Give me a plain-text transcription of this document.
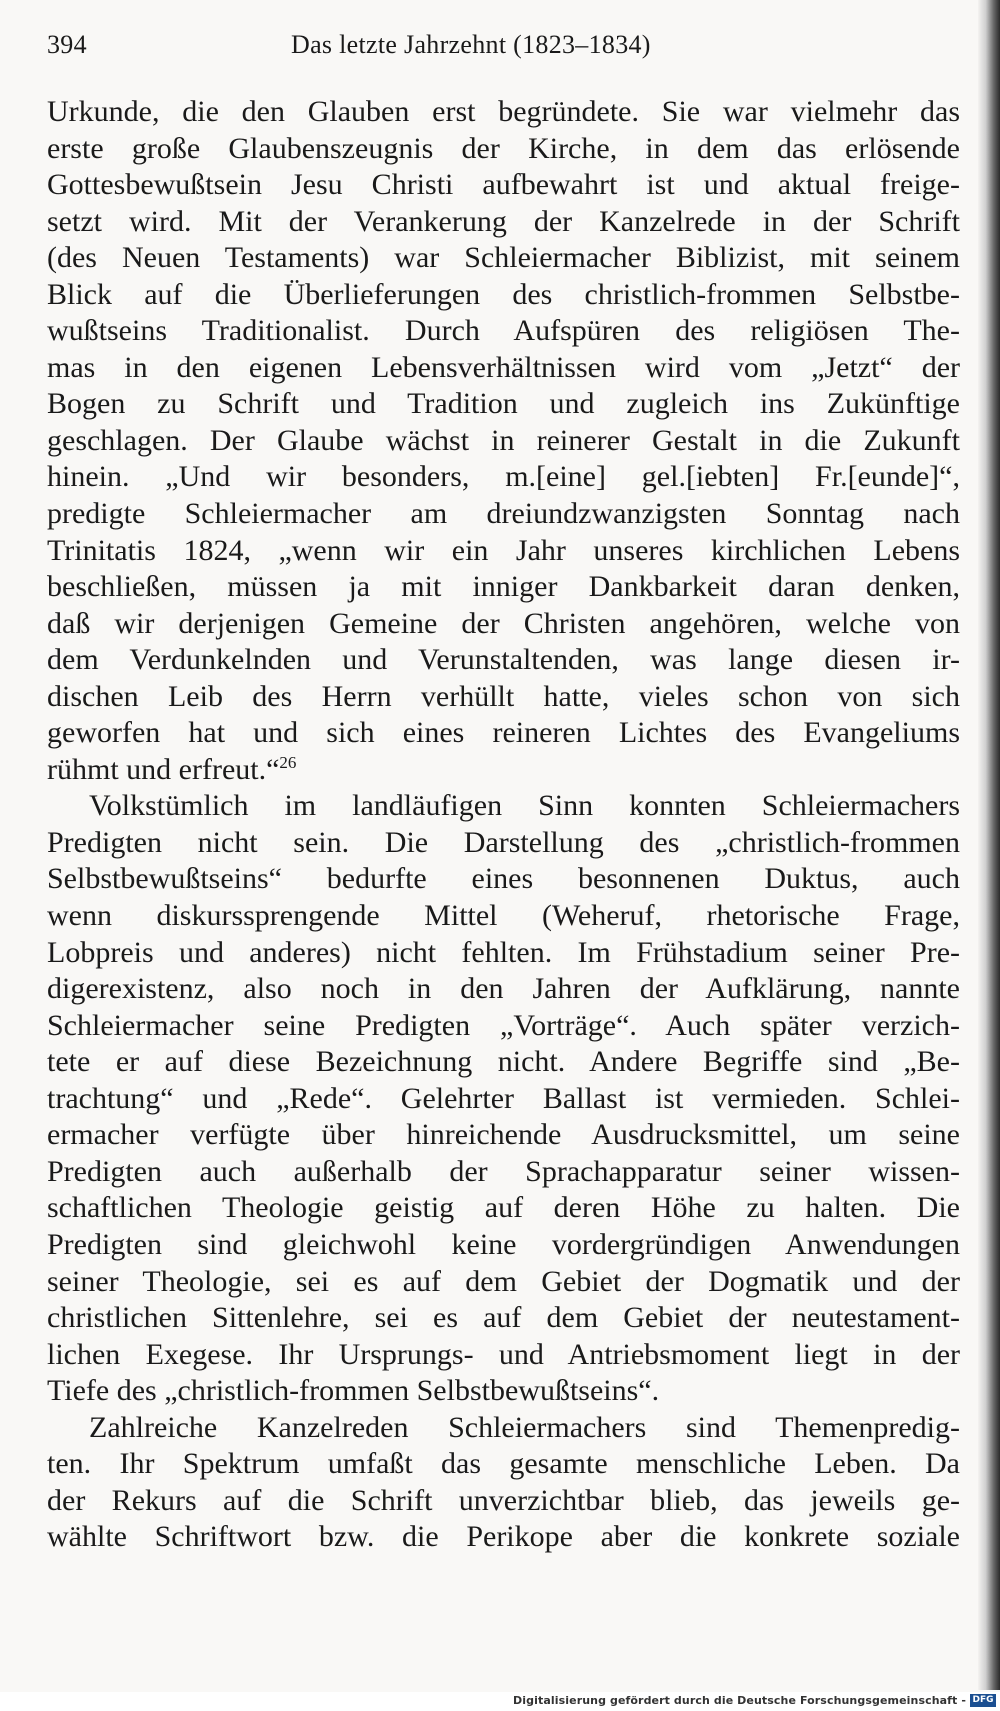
394	Das letzte Jahrzehnt (1823–1834)
Urkunde, die den Glauben erst begründete. Sie war vielmehr das
erste große Glaubenszeugnis der Kirche, in dem das erlösende
Gottesbewußtsein Jesu Christi aufbewahrt ist und aktual freige-
setzt wird. Mit der Verankerung der Kanzelrede in der Schrift
(des Neuen Testaments) war Schleiermacher Biblizist, mit seinem
Blick auf die Überlieferungen des christlich-frommen Selbstbe-
wußtseins Traditionalist. Durch Aufspüren des religiösen The-
mas in den eigenen Lebensverhältnissen wird vom „Jetzt“ der
Bogen zu Schrift und Tradition und zugleich ins Zukünftige
geschlagen. Der Glaube wächst in reinerer Gestalt in die Zukunft
hinein. „Und wir besonders, m.[eine] gel.[iebten] Fr.[eunde]“,
predigte Schleiermacher am dreiundzwanzigsten Sonntag nach
Trinitatis 1824, „wenn wir ein Jahr unseres kirchlichen Lebens
beschließen, müssen ja mit inniger Dankbarkeit daran denken,
daß wir derjenigen Gemeine der Christen angehören, welche von
dem Verdunkelnden und Verunstaltenden, was lange diesen ir-
dischen Leib des Herrn verhüllt hatte, vieles schon von sich
geworfen hat und sich eines reineren Lichtes des Evangeliums
rühmt und erfreut.“$^{26}$
Volkstümlich im landläufigen Sinn konnten Schleiermachers
Predigten nicht sein. Die Darstellung des „christlich-frommen
Selbstbewußtseins“ bedurfte eines besonnenen Duktus, auch
wenn diskurssprengende Mittel (Weheruf, rhetorische Frage,
Lobpreis und anderes) nicht fehlten. Im Frühstadium seiner Pre-
digerexistenz, also noch in den Jahren der Aufklärung, nannte
Schleiermacher seine Predigten „Vorträge“. Auch später verzich-
tete er auf diese Bezeichnung nicht. Andere Begriffe sind „Be-
trachtung“ und „Rede“. Gelehrter Ballast ist vermieden. Schlei-
ermacher verfügte über hinreichende Ausdrucksmittel, um seine
Predigten auch außerhalb der Sprachapparatur seiner wissen-
schaftlichen Theologie geistig auf deren Höhe zu halten. Die
Predigten sind gleichwohl keine vordergründigen Anwendungen
seiner Theologie, sei es auf dem Gebiet der Dogmatik und der
christlichen Sittenlehre, sei es auf dem Gebiet der neutestament-
lichen Exegese. Ihr Ursprungs- und Antriebsmoment liegt in der
Tiefe des „christlich-frommen Selbstbewußtseins“.
Zahlreiche Kanzelreden Schleiermachers sind Themenpredig-
ten. Ihr Spektrum umfaßt das gesamte menschliche Leben. Da
der Rekurs auf die Schrift unverzichtbar blieb, das jeweils ge-
wählte Schriftwort bzw. die Perikope aber die konkrete soziale
Digitalisierung gefördert durch die Deutsche Forschungsgemeinschaft - DFG
